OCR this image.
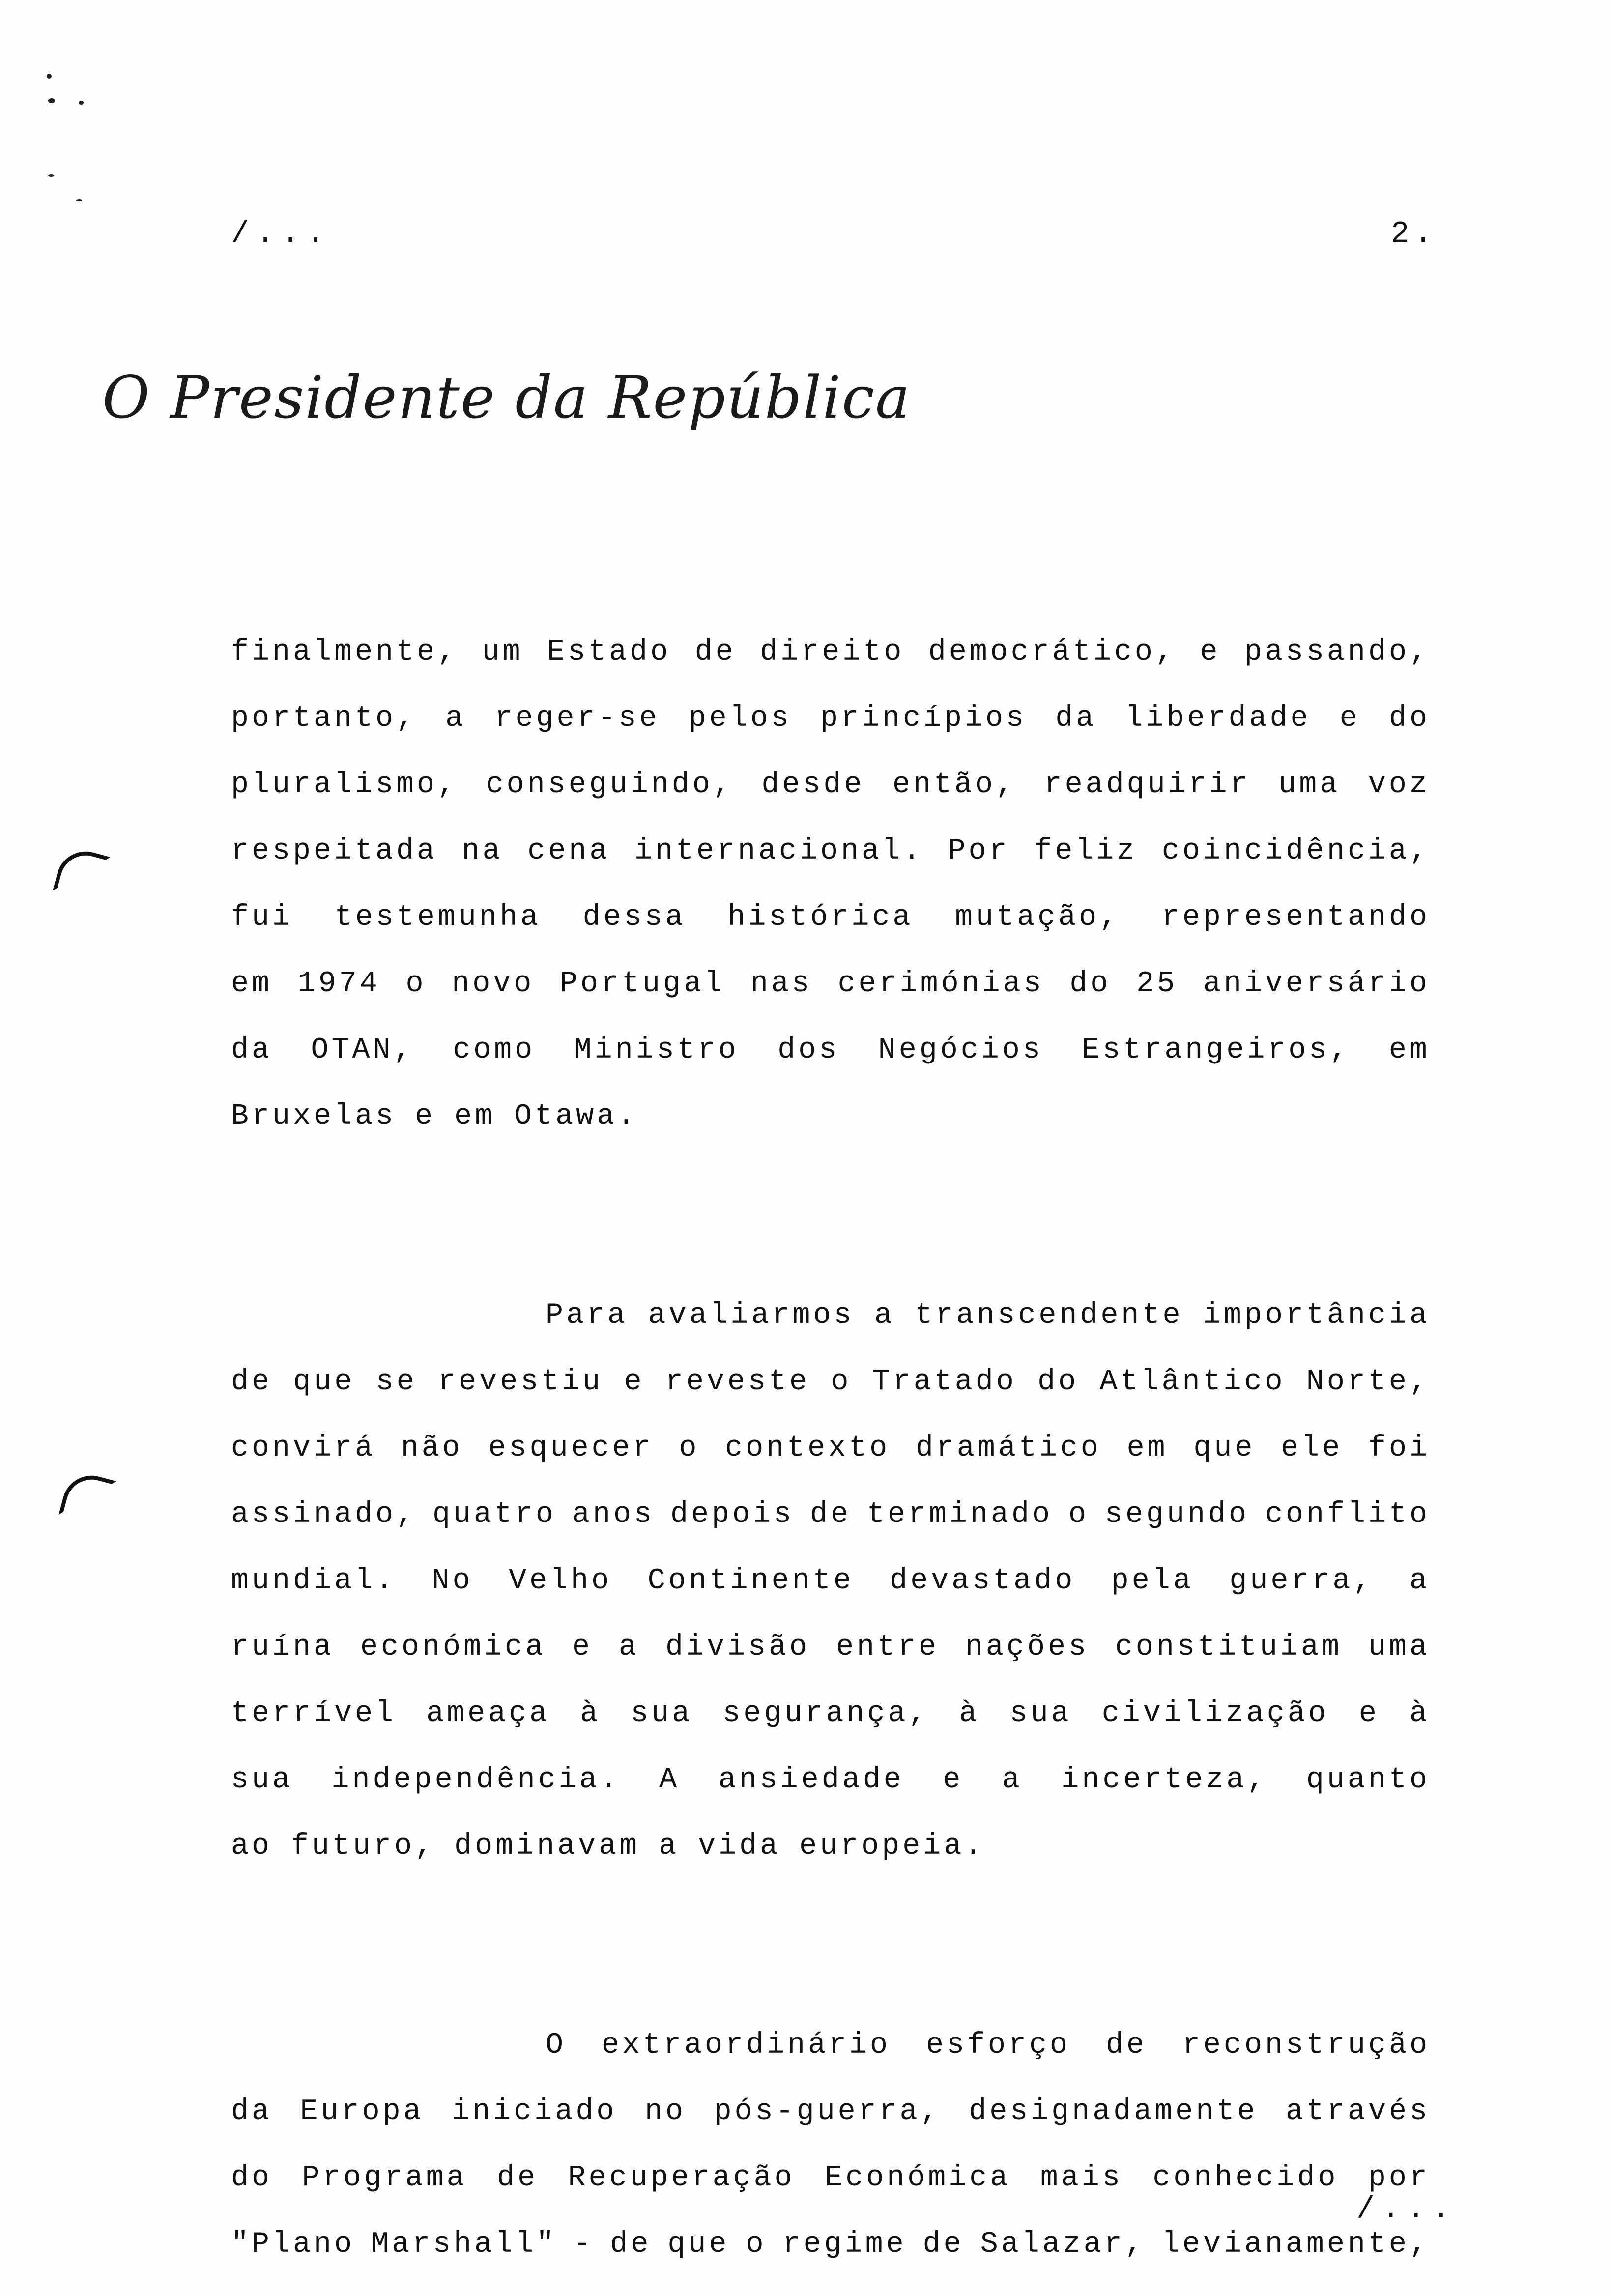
/...	2.
O Presidente da República
finalmente, um Estado de direito democrático, e passando,
portanto, a reger-se pelos princípios da liberdade e do
pluralismo, conseguindo, desde então, readquirir uma voz
respeitada na cena internacional. Por feliz coincidência,
fui testemunha dessa histórica mutação, representando
em 1974 o novo Portugal nas cerimónias do 25 aniversário
da OTAN, como Ministro dos Negócios Estrangeiros, em
Bruxelas e em Otawa.
Para avaliarmos a transcendente importância
de que se revestiu e reveste o Tratado do Atlântico Norte,
convirá não esquecer o contexto dramático em que ele foi
assinado, quatro anos depois de terminado o segundo conflito
mundial. No Velho Continente devastado pela guerra, a
ruína económica e a divisão entre nações constituiam uma
terrível ameaça à sua segurança, à sua civilização e à
sua independência. A ansiedade e a incerteza, quanto
ao futuro, dominavam a vida europeia.
O extraordinário esforço de reconstrução
da Europa iniciado no pós-guerra, designadamente através
do Programa de Recuperação Económica mais conhecido por
"Plano Marshall" - de que o regime de Salazar, levianamente,
/...
